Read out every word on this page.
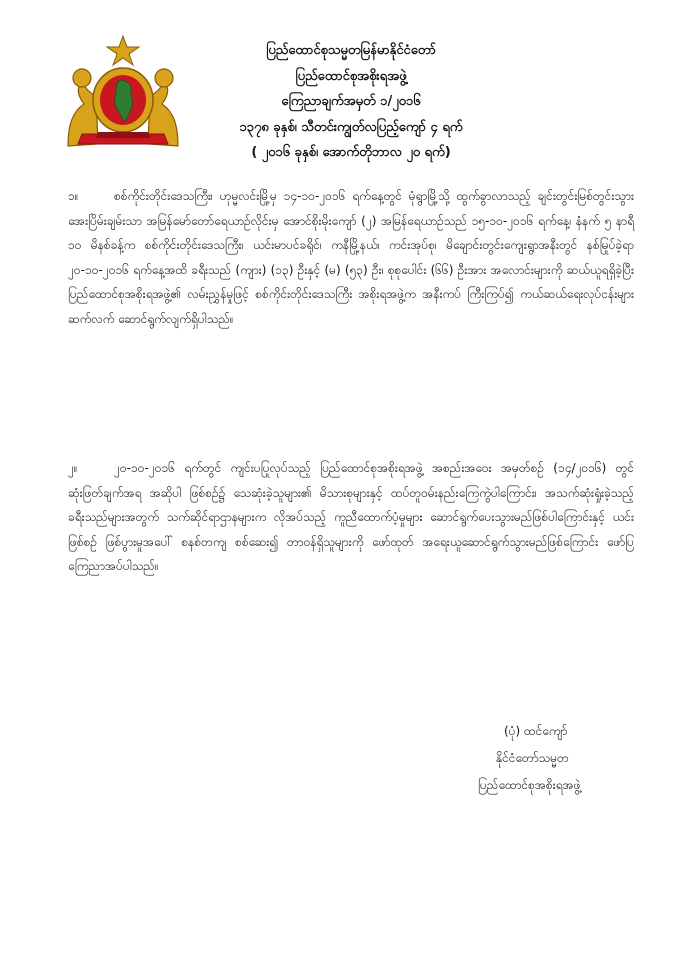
ပြည်ထောင်စုသမ္မတမြန်မာနိုင်ငံတော်
ပြည်ထောင်စုအစိုးရအဖွဲ့
ကြေညာချက်အမှတ် ၁/၂၀၁၆
၁၃၇၈ ခုနှစ်၊ သီတင်းကျွတ်လပြည့်ကျော် ၄ ရက်
( ၂၀၁၆ ခုနှစ်၊ အောက်တိုဘာလ ၂၀ ရက်)
၁။	စစ်ကိုင်းတိုင်းဒေသကြီး၊ ဟုမ္မလင်းမြို့မှ ၁၄-၁၀-၂၀၁၆ ရက်နေ့တွင် မုံရွာမြို့သို့ ထွက်ခွာလာသည့် ချင်းတွင်းမြစ်တွင်းသွား အေးပြိမ်းချမ်းသာ အမြန်မော်တော်ရေယာဉ်လိုင်းမှ အောင်စိုးမိုးကျော် (၂) အမြန်ရေယာဉ်သည် ၁၅-၁၀-၂၀၁၆ ရက်နေ့၊ နံနက် ၅ နာရီ ၁၀ မိနစ်ခန့်က စစ်ကိုင်းတိုင်းဒေသကြီး၊ ယင်းမာပင်ခရိုင်၊ ကနီမြို့နယ်၊ ကင်းအုပ်စု၊ မိချောင်းတွင်းကျေးရွာအနီးတွင် နစ်မြုပ်ခဲ့ရာ ၂၀-၁၀-၂၀၁၆ ရက်နေ့အထိ ခရီးသည် (ကျား) (၁၃) ဦးနှင့် (မ) (၅၃) ဦး၊ စုစုပေါင်း (၆၆) ဦးအား အလောင်းများကို ဆယ်ယူရရှိခဲ့ပြီး ပြည်ထောင်စုအစိုးရအဖွဲ့၏ လမ်းညွှန်မှုဖြင့် စစ်ကိုင်းတိုင်းဒေသကြီး အစိုးရအဖွဲ့က အနီးကပ် ကြီးကြပ်၍ ကယ်ဆယ်ရေးလုပ်ငန်းများ ဆက်လက် ဆောင်ရွက်လျက်ရှိပါသည်။
၂။	၂၀-၁၀-၂၀၁၆ ရက်တွင် ကျင်းပပြုလုပ်သည့် ပြည်ထောင်စုအစိုးရအဖွဲ့ အစည်းအဝေး အမှတ်စဉ် (၁၄/၂၀၁၆) တွင် ဆုံးဖြတ်ချက်အရ အဆိုပါ ဖြစ်စဉ်၌ သေဆုံးခဲ့သူများ၏ မိသားစုများနှင့် ထပ်တူဝမ်းနည်းကြေကွဲပါကြောင်း၊ အသက်ဆုံးရှုံးခဲ့သည့် ခရီးသည်များအတွက် သက်ဆိုင်ရာဌာနများက လိုအပ်သည့် ကူညီထောက်ပံ့မှုများ ဆောင်ရွက်ပေးသွားမည်ဖြစ်ပါကြောင်းနှင့် ယင်းဖြစ်စဉ် ဖြစ်ပွားမှုအပေါ် စနစ်တကျ စစ်ဆေး၍ တာဝန်ရှိသူများကို ဖော်ထုတ် အရေးယူဆောင်ရွက်သွားမည်ဖြစ်ကြောင်း ဖော်ပြကြေညာအပ်ပါသည်။
(ပုံ) ထင်ကျော်
နိုင်ငံတော်သမ္မတ
ပြည်ထောင်စုအစိုးရအဖွဲ့
